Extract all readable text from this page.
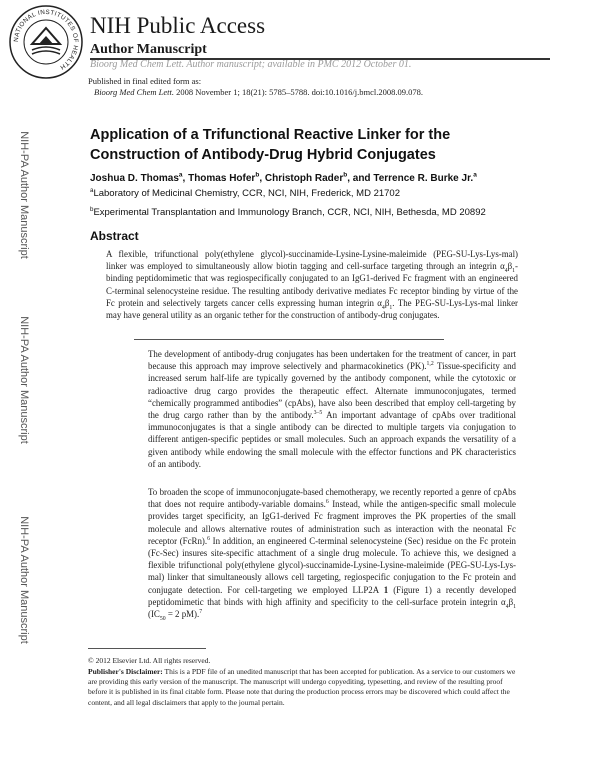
NATIONAL INSTITUTES OF HEALTH
NIH Public Access
Author Manuscript
Bioorg Med Chem Lett. Author manuscript; available in PMC 2012 October 01.
Published in final edited form as:
Bioorg Med Chem Lett. 2008 November 1; 18(21): 5785–5788. doi:10.1016/j.bmcl.2008.09.078.
NIH-PA Author Manuscript
NIH-PA Author Manuscript
NIH-PA Author Manuscript
Application of a Trifunctional Reactive Linker for the Construction of Antibody-Drug Hybrid Conjugates
Joshua D. Thomas$^a$, Thomas Hofer$^b$, Christoph Rader$^b$, and Terrence R. Burke Jr.$^a$
$^a$Laboratory of Medicinal Chemistry, CCR, NCI, NIH, Frederick, MD 21702
$^b$Experimental Transplantation and Immunology Branch, CCR, NCI, NIH, Bethesda, MD 20892
Abstract
A flexible, trifunctional poly(ethylene glycol)-succinamide-Lysine-Lysine-maleimide (PEG-SU-Lys-Lys-mal) linker was employed to simultaneously allow biotin tagging and cell-surface targeting through an integrin $\alpha_4\beta_1$-binding peptidomimetic that was regiospecifically conjugated to an IgG1-derived Fc fragment with an engineered C-terminal selenocysteine residue. The resulting antibody derivative mediates Fc receptor binding by virtue of the Fc protein and selectively targets cancer cells expressing human integrin $\alpha_4\beta_1$. The PEG-SU-Lys-Lys-mal linker may have general utility as an organic tether for the construction of antibody-drug conjugates.
The development of antibody-drug conjugates has been undertaken for the treatment of cancer, in part because this approach may improve selectively and pharmacokinetics (PK).$^{1,2}$ Tissue-specificity and increased serum half-life are typically governed by the antibody component, while the cytotoxic or radioactive drug cargo provides the therapeutic effect. Alternate immunoconjugates, termed “chemically programmed antibodies” (cpAbs), have also been described that employ cell-targeting by the drug cargo rather than by the antibody.$^{3-5}$ An important advantage of cpAbs over traditional immunoconjugates is that a single antibody can be directed to multiple targets via conjugation to different antigen-specific peptides or small molecules. Such an approach expands the versatility of a given antibody while endowing the small molecule with the effector functions and PK characteristics of an antibody.
To broaden the scope of immunoconjugate-based chemotherapy, we recently reported a genre of cpAbs that does not require antibody-variable domains.$^6$ Instead, while the antigen-specific small molecule provides target specificity, an IgG1-derived Fc fragment improves the PK properties of the small molecule and allows alternative routes of administration such as interaction with the neonatal Fc receptor (FcRn).$^6$ In addition, an engineered C-terminal selenocysteine (Sec) residue on the Fc protein (Fc-Sec) insures site-specific attachment of a single drug molecule. To achieve this, we designed a flexible trifunctional poly(ethylene glycol)-succinamide-Lysine-Lysine-maleimide (PEG-SU-Lys-Lys-mal) linker that simultaneously allows cell targeting, regiospecific conjugation to the Fc protein and conjugate detection. For cell-targeting we employed LLP2A 1 (Figure 1) a recently developed peptidomimetic that binds with high affinity and specificity to the cell-surface protein integrin $\alpha_4\beta_1$ ($IC_{50} = 2$ pM).$^7$
© 2012 Elsevier Ltd. All rights reserved.
Publisher's Disclaimer: This is a PDF file of an unedited manuscript that has been accepted for publication. As a service to our customers we are providing this early version of the manuscript. The manuscript will undergo copyediting, typesetting, and review of the resulting proof before it is published in its final citable form. Please note that during the production process errors may be discovered which could affect the content, and all legal disclaimers that apply to the journal pertain.
